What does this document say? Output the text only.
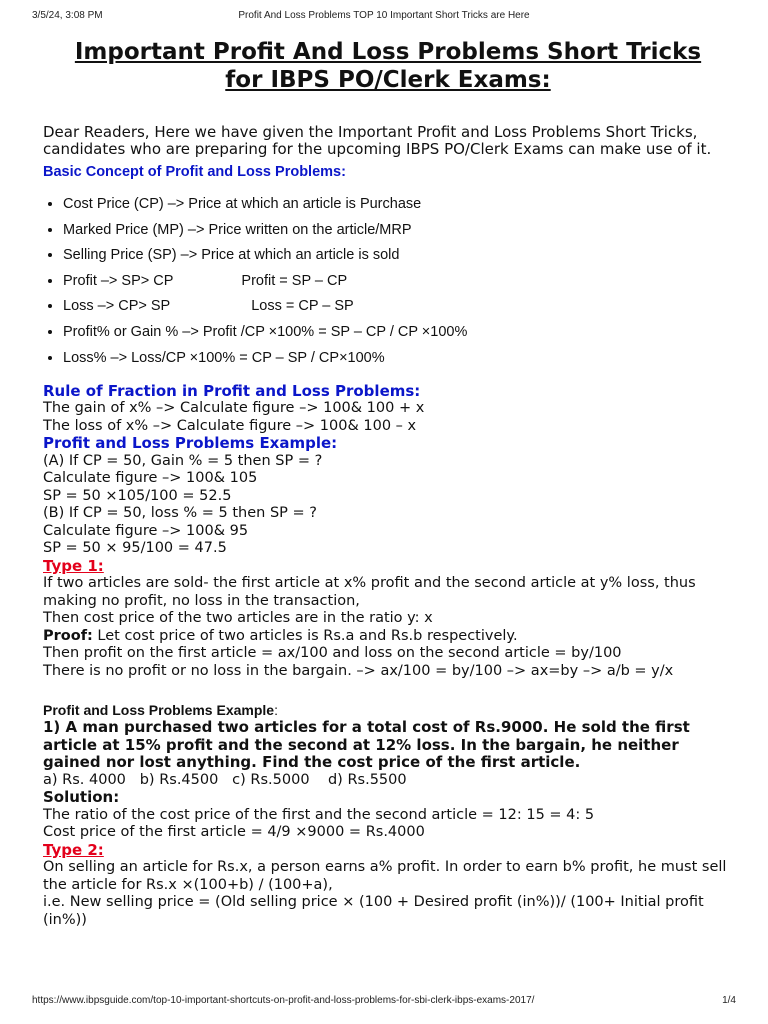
3/5/24, 3:08 PM	Profit And Loss Problems TOP 10 Important Short Tricks are Here
Important Profit And Loss Problems Short Tricks
for IBPS PO/Clerk Exams:

Dear Readers, Here we have given the Important Profit and Loss Problems Short Tricks,

candidates who are preparing for the upcoming IBPS PO/Clerk Exams can make use of it.

Basic Concept of Profit and Loss Problems:
• Cost Price (CP) –> Price at which an article is Purchase
• Marked Price (MP) –> Price written on the article/MRP
• Selling Price (SP) –> Price at which an article is sold
• Profit –> SP> CP	Profit = SP – CP
• Loss –> CP> SP	Loss = CP – SP
• Profit% or Gain % –> Profit /CP ×100% = SP – CP / CP ×100%
• Loss% –> Loss/CP ×100% = CP – SP / CP×100%

Rule of Fraction in Profit and Loss Problems:

The gain of x% –> Calculate figure –> 100& 100 + x

The loss of x% –> Calculate figure –> 100& 100 – x

Profit and Loss Problems Example:

(A) If CP = 50, Gain % = 5 then SP = ?

Calculate figure –> 100& 105

SP = 50 ×105/100 = 52.5

(B) If CP = 50, loss % = 5 then SP = ?

Calculate figure –> 100& 95

SP = 50 × 95/100 = 47.5

Type 1:

If two articles are sold- the first article at x% profit and the second article at y% loss, thus making no profit, no loss in the transaction,

Then cost price of the two articles are in the ratio y: x

Proof: Let cost price of two articles is Rs.a and Rs.b respectively.

Then profit on the first article = ax/100 and loss on the second article = by/100

There is no profit or no loss in the bargain. –> ax/100 = by/100 –> ax=by –> a/b = y/x

Profit and Loss Problems Example:

1) A man purchased two articles for a total cost of Rs.9000. He sold the first article at 15% profit and the second at 12% loss. In the bargain, he neither gained nor lost anything. Find the cost price of the first article.

a) Rs. 4000   b) Rs.4500   c) Rs.5000    d) Rs.5500

Solution:

The ratio of the cost price of the first and the second article = 12: 15 = 4: 5

Cost price of the first article = 4/9 ×9000 = Rs.4000

Type 2:

On selling an article for Rs.x, a person earns a% profit. In order to earn b% profit, he must sell the article for Rs.x ×(100+b) / (100+a),

i.e. New selling price = (Old selling price × (100 + Desired profit (in%))/ (100+ Initial profit (in%))

https://www.ibpsguide.com/top-10-important-shortcuts-on-profit-and-loss-problems-for-sbi-clerk-ibps-exams-2017/	1/4
